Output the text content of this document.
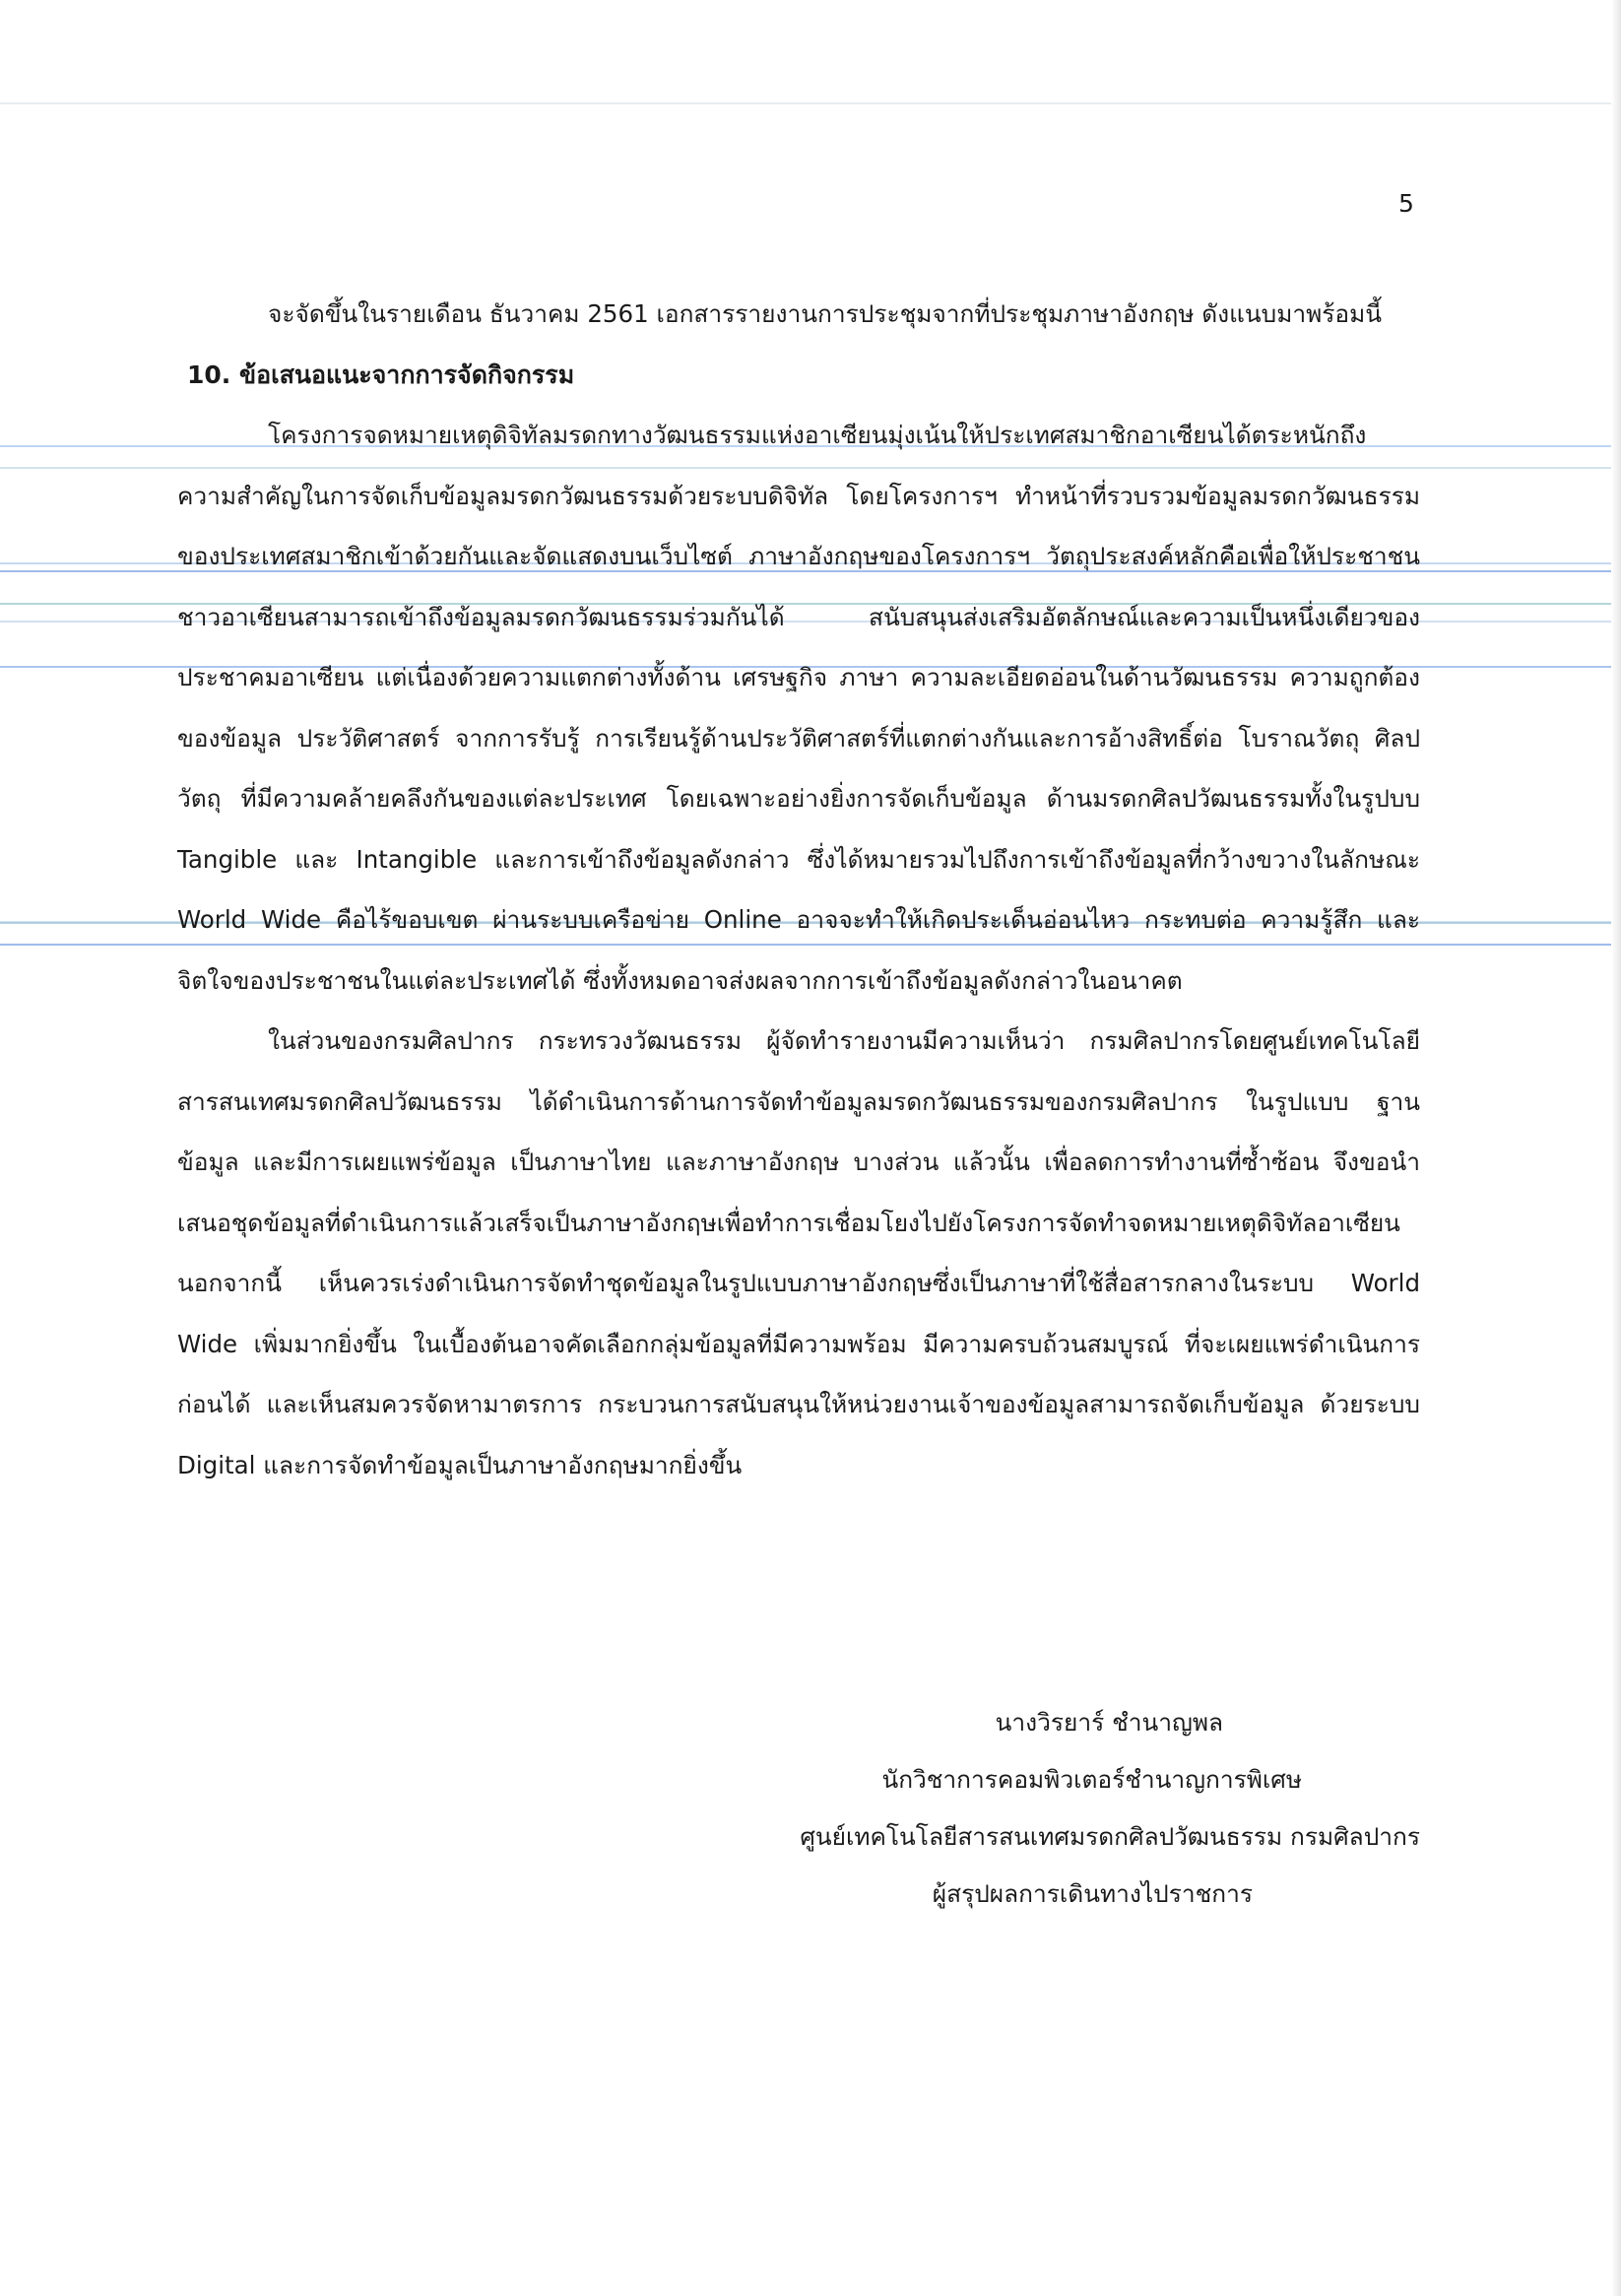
5

จะจัดขึ้นในรายเดือน ธันวาคม 2561 เอกสารรายงานการประชุมจากที่ประชุมภาษาอังกฤษ ดังแนบมาพร้อมนี้

10. ข้อเสนอแนะจากการจัดกิจกรรม

โครงการจดหมายเหตุดิจิทัลมรดกทางวัฒนธรรมแห่งอาเซียนมุ่งเน้นให้ประเทศสมาชิกอาเซียนได้ตระหนักถึงความสำคัญในการจัดเก็บข้อมูลมรดกวัฒนธรรมด้วยระบบดิจิทัล โดยโครงการฯ ทำหน้าที่รวบรวมข้อมูลมรดกวัฒนธรรมของประเทศสมาชิกเข้าด้วยกันและจัดแสดงบนเว็บไซต์ ภาษาอังกฤษของโครงการฯ วัตถุประสงค์หลักคือเพื่อให้ประชาชนชาวอาเซียนสามารถเข้าถึงข้อมูลมรดกวัฒนธรรมร่วมกันได้ สนับสนุนส่งเสริมอัตลักษณ์และความเป็นหนึ่งเดียวของประชาคมอาเซียน แต่เนื่องด้วยความแตกต่างทั้งด้าน เศรษฐกิจ ภาษา ความละเอียดอ่อนในด้านวัฒนธรรม ความถูกต้องของข้อมูล ประวัติศาสตร์ จากการรับรู้ การเรียนรู้ด้านประวัติศาสตร์ที่แตกต่างกันและการอ้างสิทธิ์ต่อ โบราณวัตถุ ศิลปวัตถุ ที่มีความคล้ายคลึงกันของแต่ละประเทศ โดยเฉพาะอย่างยิ่งการจัดเก็บข้อมูล ด้านมรดกศิลปวัฒนธรรมทั้งในรูปบบ Tangible และ Intangible และการเข้าถึงข้อมูลดังกล่าว ซึ่งได้หมายรวมไปถึงการเข้าถึงข้อมูลที่กว้างขวางในลักษณะ World Wide คือไร้ขอบเขต ผ่านระบบเครือข่าย Online อาจจะทำให้เกิดประเด็นอ่อนไหว กระทบต่อ ความรู้สึก และจิตใจของประชาชนในแต่ละประเทศได้ ซึ่งทั้งหมดอาจส่งผลจากการเข้าถึงข้อมูลดังกล่าวในอนาคต

ในส่วนของกรมศิลปากร กระทรวงวัฒนธรรม ผู้จัดทำรายงานมีความเห็นว่า กรมศิลปากรโดยศูนย์เทคโนโลยีสารสนเทศมรดกศิลปวัฒนธรรม ได้ดำเนินการด้านการจัดทำข้อมูลมรดกวัฒนธรรมของกรมศิลปากร ในรูปแบบ ฐานข้อมูล และมีการเผยแพร่ข้อมูล เป็นภาษาไทย และภาษาอังกฤษ บางส่วน แล้วนั้น เพื่อลดการทำงานที่ซ้ำซ้อน จึงขอนำเสนอชุดข้อมูลที่ดำเนินการแล้วเสร็จเป็นภาษาอังกฤษเพื่อทำการเชื่อมโยงไปยังโครงการจัดทำจดหมายเหตุดิจิทัลอาเซียน นอกจากนี้ เห็นควรเร่งดำเนินการจัดทำชุดข้อมูลในรูปแบบภาษาอังกฤษซึ่งเป็นภาษาที่ใช้สื่อสารกลางในระบบ World Wide เพิ่มมากยิ่งขึ้น ในเบื้องต้นอาจคัดเลือกกลุ่มข้อมูลที่มีความพร้อม มีความครบถ้วนสมบูรณ์ ที่จะเผยแพร่ดำเนินการก่อนได้ และเห็นสมควรจัดหามาตรการ กระบวนการสนับสนุนให้หน่วยงานเจ้าของข้อมูลสามารถจัดเก็บข้อมูล ด้วยระบบ Digital และการจัดทำข้อมูลเป็นภาษาอังกฤษมากยิ่งขึ้น

นางวิรยาร์ ชำนาญพล
นักวิชาการคอมพิวเตอร์ชำนาญการพิเศษ
ศูนย์เทคโนโลยีสารสนเทศมรดกศิลปวัฒนธรรม กรมศิลปากร
ผู้สรุปผลการเดินทางไปราชการ
